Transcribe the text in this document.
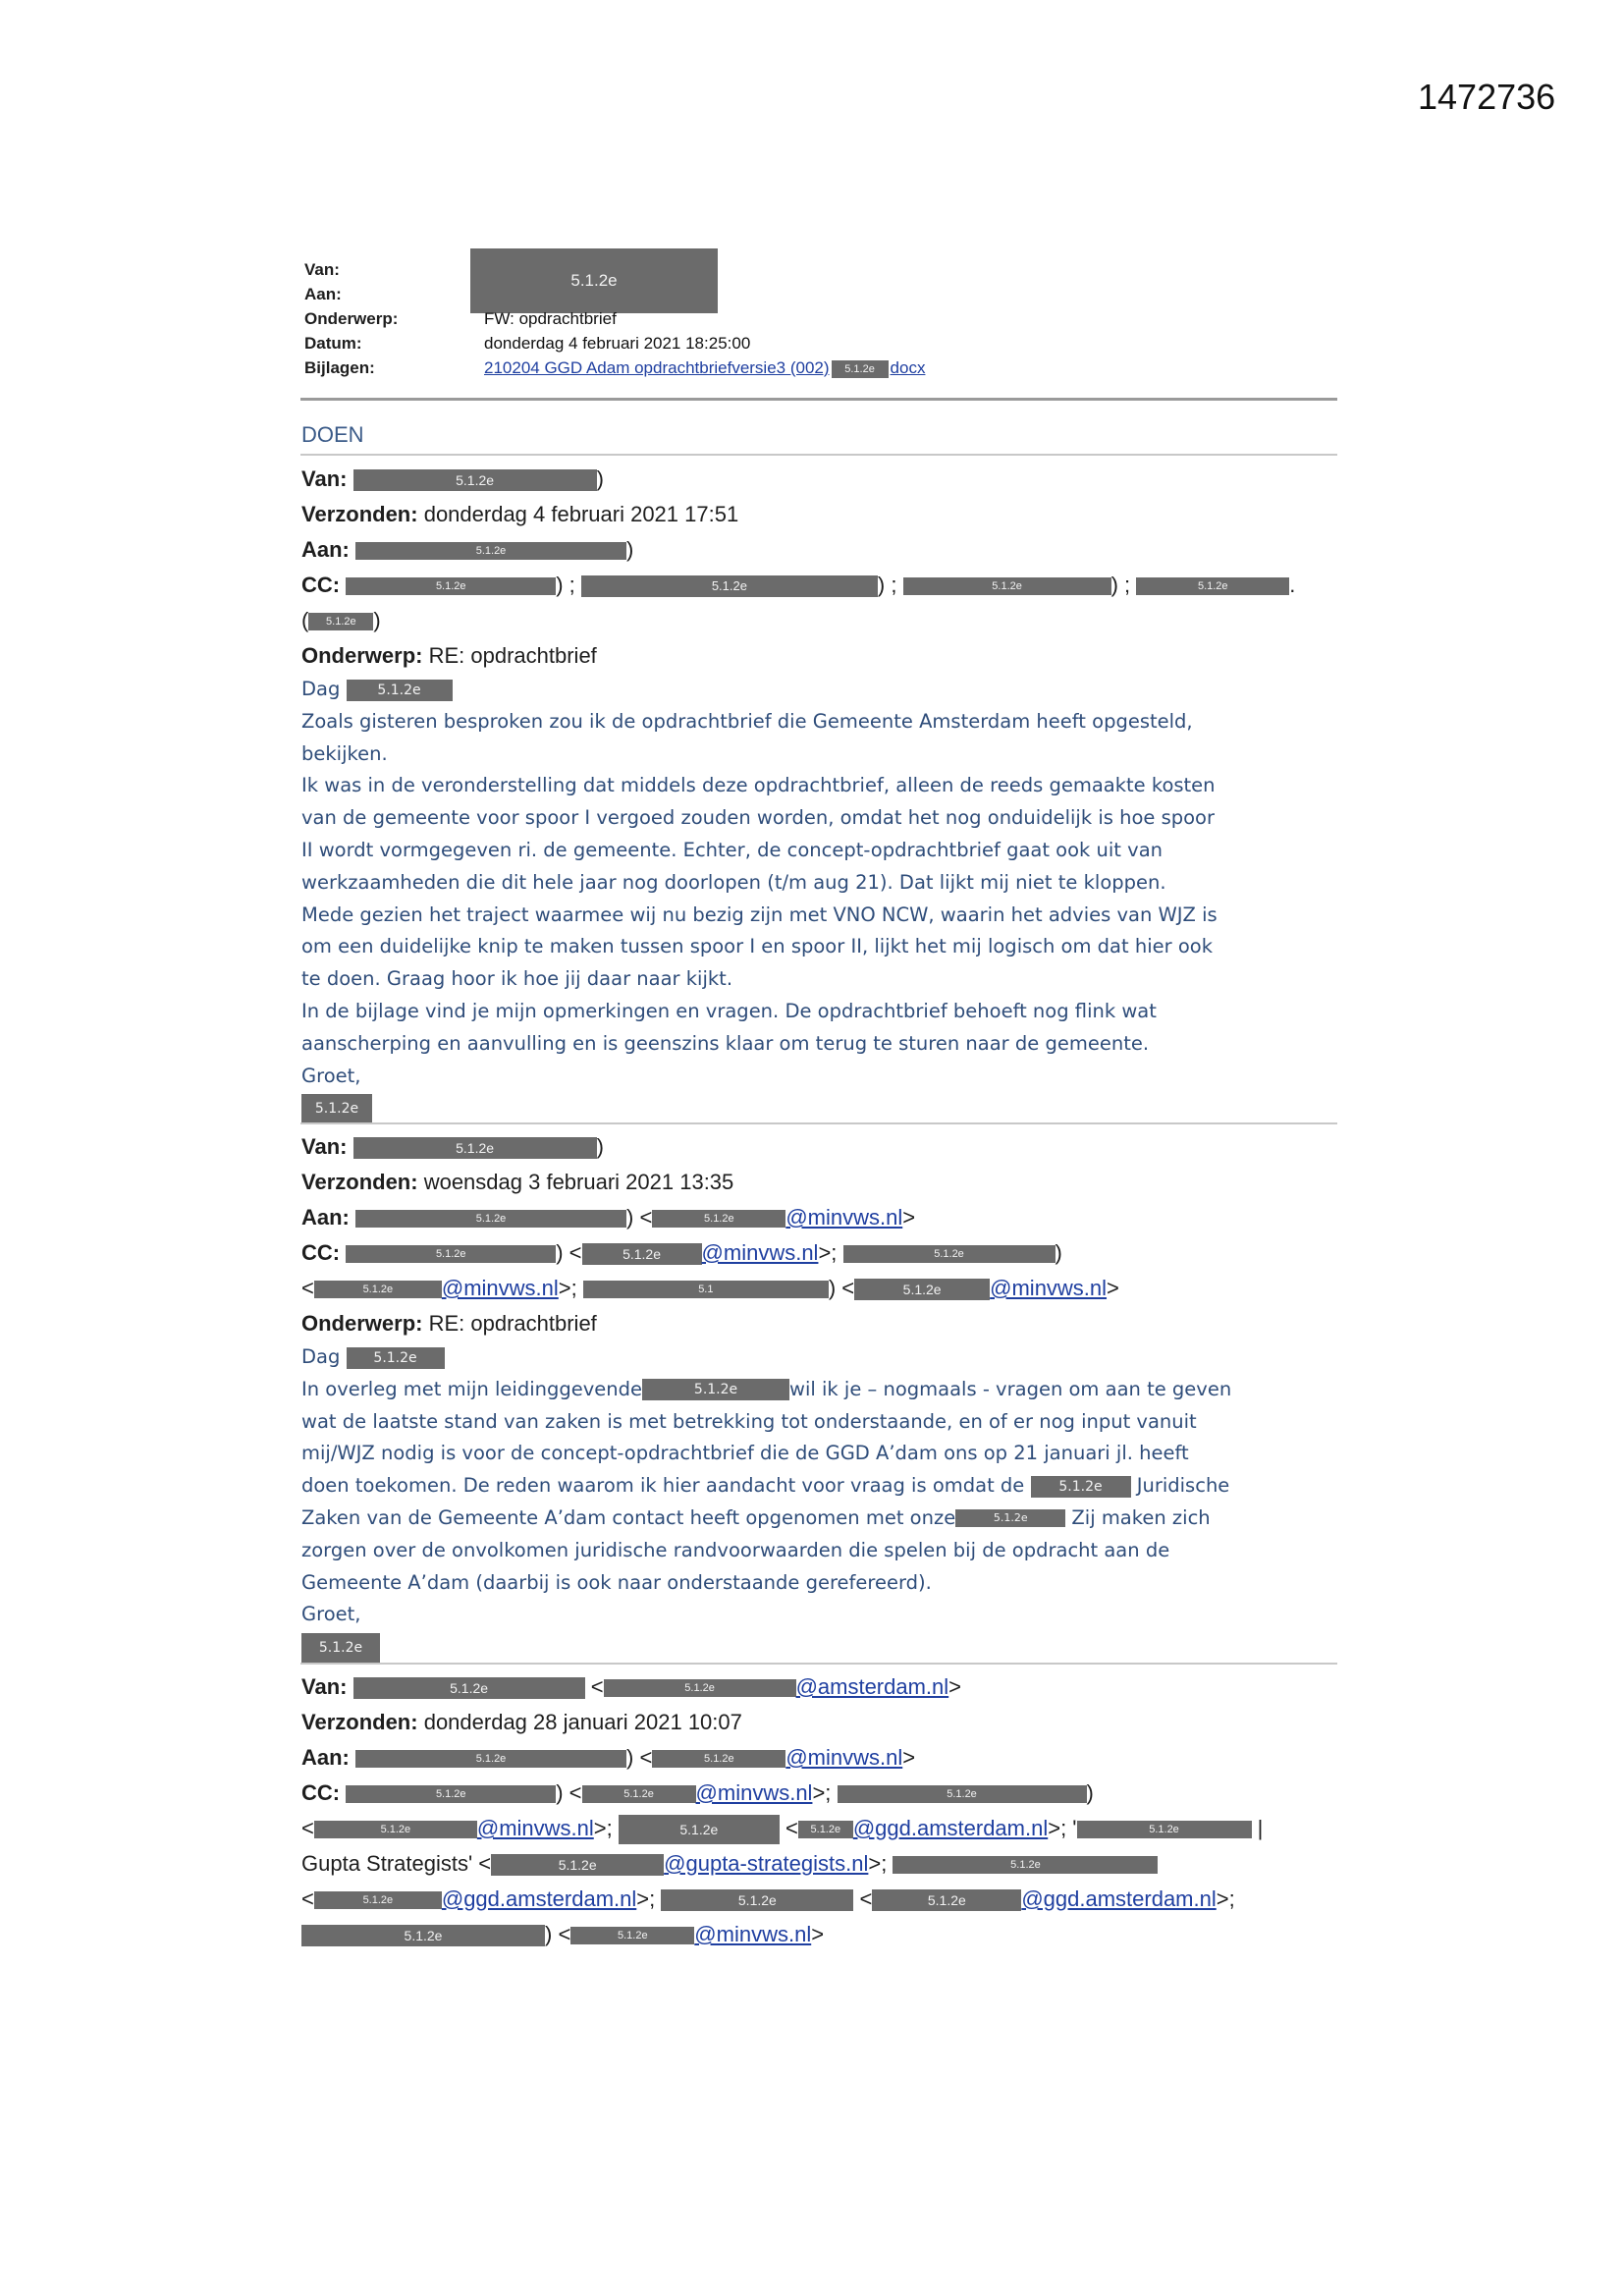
1472736
5.1.2e
Van:
Aan:
Onderwerp:	FW: opdrachtbrief
Datum:	donderdag 4 februari 2021 18:25:00
Bijlagen:	210204 GGD Adam opdrachtbriefversie3 (002) 5.1.2e docx
DOEN
Van:	5.1.2e	)
Verzonden: donderdag 4 februari 2021 17:51
Aan:	5.1.2e	)
CC:	5.1.2e	) ;	5.1.2e	) ;	5.1.2e	) ;	5.1.2e	.
( 5.1.2e )
Onderwerp: RE: opdrachtbrief
Dag	5.1.2e
Zoals gisteren besproken zou ik de opdrachtbrief die Gemeente Amsterdam heeft opgesteld,
bekijken.
Ik was in de veronderstelling dat middels deze opdrachtbrief, alleen de reeds gemaakte kosten
van de gemeente voor spoor I vergoed zouden worden, omdat het nog onduidelijk is hoe spoor
II wordt vormgegeven ri. de gemeente. Echter, de concept-opdrachtbrief gaat ook uit van
werkzaamheden die dit hele jaar nog doorlopen (t/m aug 21). Dat lijkt mij niet te kloppen.
Mede gezien het traject waarmee wij nu bezig zijn met VNO NCW, waarin het advies van WJZ is
om een duidelijke knip te maken tussen spoor I en spoor II, lijkt het mij logisch om dat hier ook
te doen. Graag hoor ik hoe jij daar naar kijkt.
In de bijlage vind je mijn opmerkingen en vragen. De opdrachtbrief behoeft nog flink wat
aanscherping en aanvulling en is geenszins klaar om terug te sturen naar de gemeente.
Groet,
5.1.2e
Van:	5.1.2e	)
Verzonden: woensdag 3 februari 2021 13:35
Aan:	5.1.2e	) <	5.1.2e @minvws.nl>
CC:	5.1.2e	) <	5.1.2e @minvws.nl>;	5.1.2e	)
<	5.1.2e @minvws.nl>;	5.1	) <	5.1.2e @minvws.nl>
Onderwerp: RE: opdrachtbrief
Dag 5.1.2e
In overleg met mijn leidinggevende	5.1.2e	wil ik je – nogmaals - vragen om aan te geven
wat de laatste stand van zaken is met betrekking tot onderstaande, en of er nog input vanuit
mij/WJZ nodig is voor de concept-opdrachtbrief die de GGD A’dam ons op 21 januari jl. heeft
doen toekomen. De reden waarom ik hier aandacht voor vraag is omdat de	5.1.2e Juridische
Zaken van de Gemeente A’dam contact heeft opgenomen met onze	5.1.2e Zij maken zich
zorgen over de onvolkomen juridische randvoorwaarden die spelen bij de opdracht aan de
Gemeente A’dam (daarbij is ook naar onderstaande gerefereerd).
Groet,
5.1.2e
Van:	5.1.2e	<	5.1.2e	@amsterdam.nl>
Verzonden: donderdag 28 januari 2021 10:07
Aan:	5.1.2e	) <	5.1.2e @minvws.nl>
CC:	5.1.2e	) <	5.1.2e @minvws.nl>;	5.1.2e	)
<	5.1.2e	@minvws.nl>;	5.1.2e	< 5.1.2e @ggd.amsterdam.nl>; '	5.1.2e	|
Gupta Strategists' <	5.1.2e	@gupta-strategists.nl>;	5.1.2e
<	5.1.2e @ggd.amsterdam.nl>;	5.1.2e	<	5.1.2e	@ggd.amsterdam.nl>;
5.1.2e	) <	5.1.2e @minvws.nl>
